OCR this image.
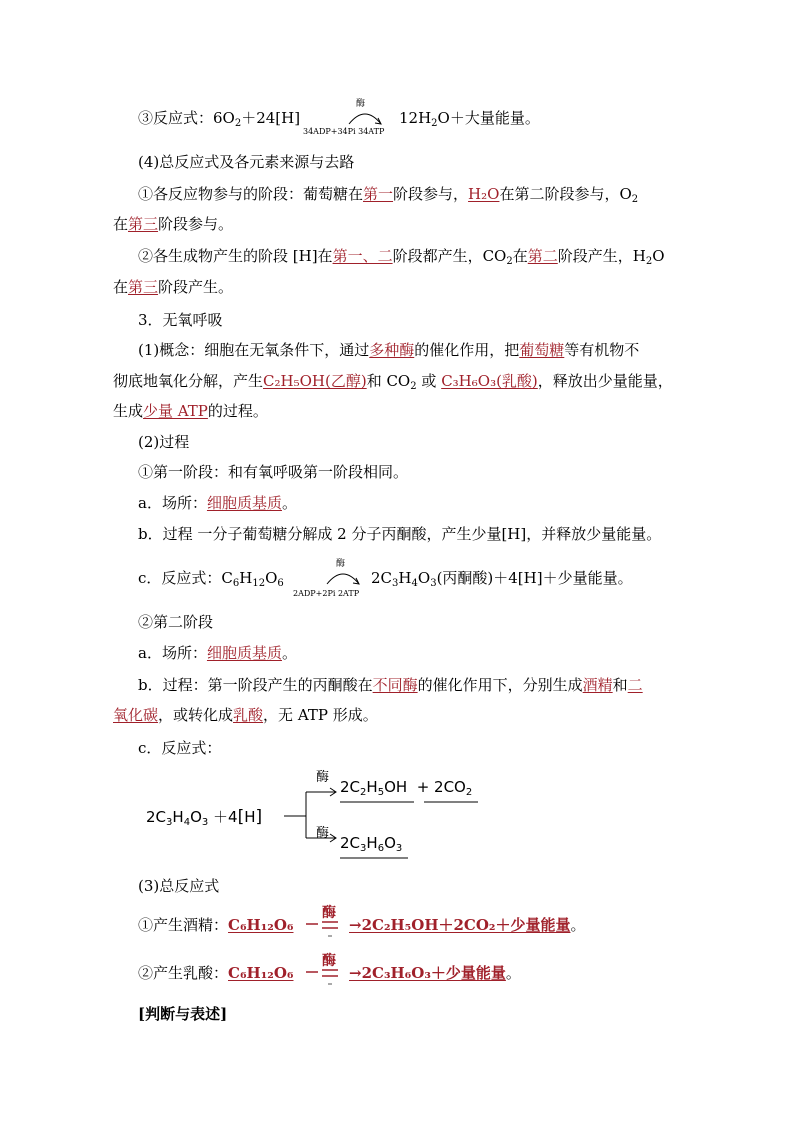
③反应式：$6O_2+24[H]$
酶
34ADP+34Pi 34ATP
$12H_2O+$大量能量。
(4)总反应式及各元素来源与去路
①各反应物参与的阶段：葡萄糖在第一阶段参与，H₂O在第二阶段参与，$O_2$
在第三阶段参与。
②各生成物产生的阶段 [H]在第一、二阶段都产生，$CO_2$在第二阶段产生，$H_2O$
在第三阶段产生。
3．无氧呼吸
(1)概念：细胞在无氧条件下，通过多种酶的催化作用，把葡萄糖等有机物不
彻底地氧化分解，产生C₂H₅OH(乙醇)和 $CO_2$ 或 C₃H₆O₃(乳酸)，释放出少量能量，
生成少量 ATP的过程。
(2)过程
①第一阶段：和有氧呼吸第一阶段相同。
a．场所：细胞质基质。
b．过程 一分子葡萄糖分解成 2 分子丙酮酸，产生少量[H]，并释放少量能量。
c．反应式：$C_6H_{12}O_6$
酶
2ADP+2Pi 2ATP
$2C_3H_4O_3$(丙酮酸)＋4[H]＋少量能量。
②第二阶段
a．场所：细胞质基质。
b．过程：第一阶段产生的丙酮酸在不同酶的催化作用下，分别生成酒精和二
氧化碳，或转化成乳酸，无 ATP 形成。
c．反应式：
酶
酶
$2C_3H_4O_3 +4[H]$
$2C_2H_5OH + 2CO_2$
$2C_3H_6O_3$
(3)总反应式
①产生酒精：C₆H₁₂O₆
酶
→2C₂H₅OH＋2CO₂＋少量能量。
②产生乳酸：C₆H₁₂O₆
酶
→2C₃H₆O₃＋少量能量。
[判断与表述]
